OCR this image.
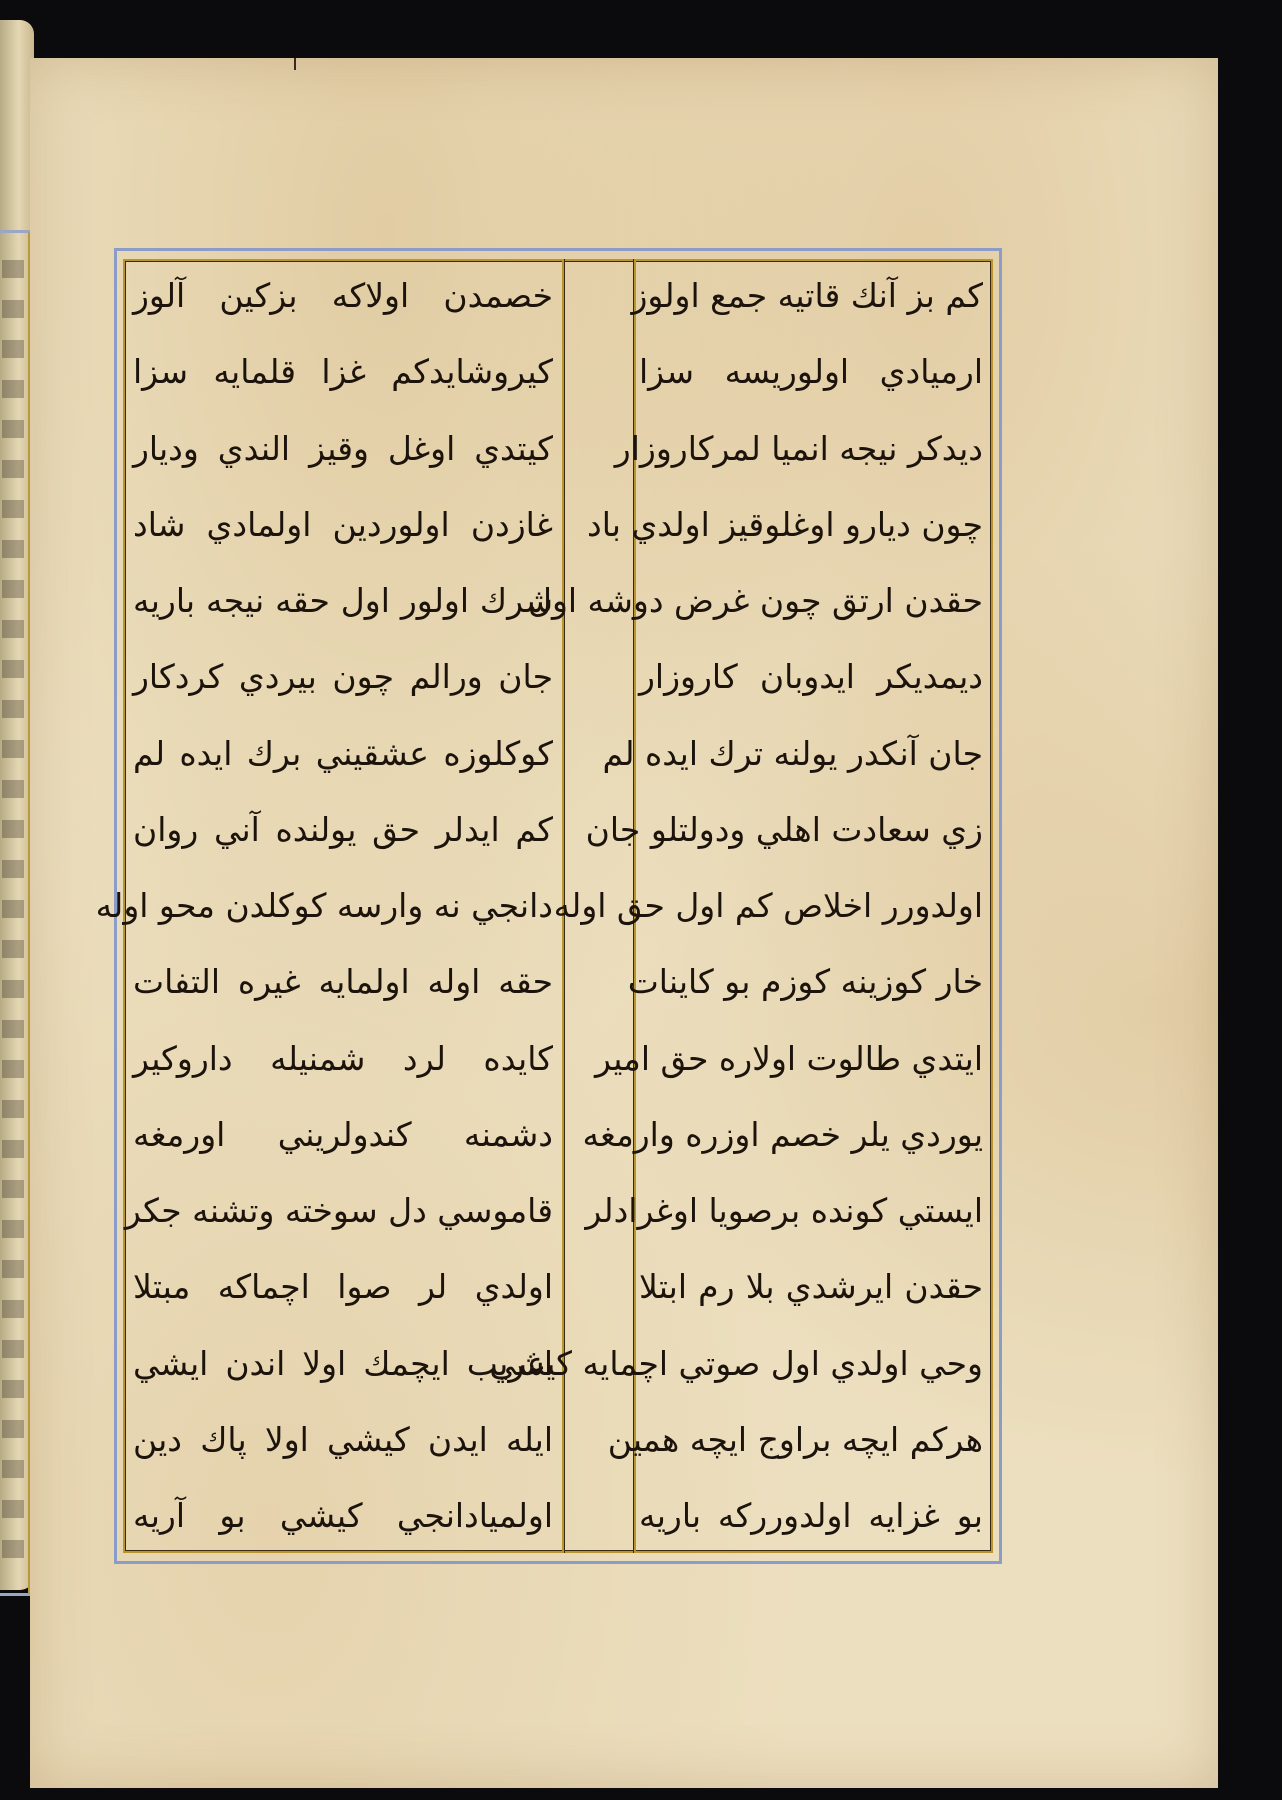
كم بز آنك قاتيه جمع اولوز
ارميادي اولوريسه سزا
ديدكر نيجه انميا لمركاروزار
چون ديارو اوغلوقيز اولدي باد
حقدن ارتق چون غرض دوشه اول
ديمديكر ايدوبان كاروزار
جان آنكدر يولنه ترك ايده لم
زي سعادت اهلي ودولتلو جان
اولدورر اخلاص كم اول حق اوله
خار كوزينه كوزم بو كاينات
ايتدي طالوت اولاره حق امير
يوردي يلر خصم اوزره وارمغه
ايستي كونده برصويا اوغرادلر
حقدن ايرشدي بلا رم ابتلا
وحي اولدي اول صوتي اچمايه كيشي
هركم ايچه براوج ايچه همين
بو غزايه اولدورركه باريه
خصمدن اولاكه بزكين آلوز
كيروشايدكم غزا قلمايه سزا
كيتدي اوغل وقيز الندي وديار
غازدن اولوردين اولمادي شاد
شرك اولور اول حقه نيجه باريه
جان ورالم چون بيردي كردكار
كوكلوزه عشقيني برك ايده لم
كم ايدلر حق يولنده آني روان
دانجي نه وارسه كوكلدن محو اوله
حقه اوله اولمايه غيره التفات
كايده لرد شمنيله داروكير
دشمنه كندولريني اورمغه
قاموسي دل سوخته وتشنه جكر
اولدي لر صوا اچماكه مبتلا
اغريب ايچمك اولا اندن ايشي
ايله ايدن كيشي اولا پاك دين
اولميادانجي كيشي بو آريه
